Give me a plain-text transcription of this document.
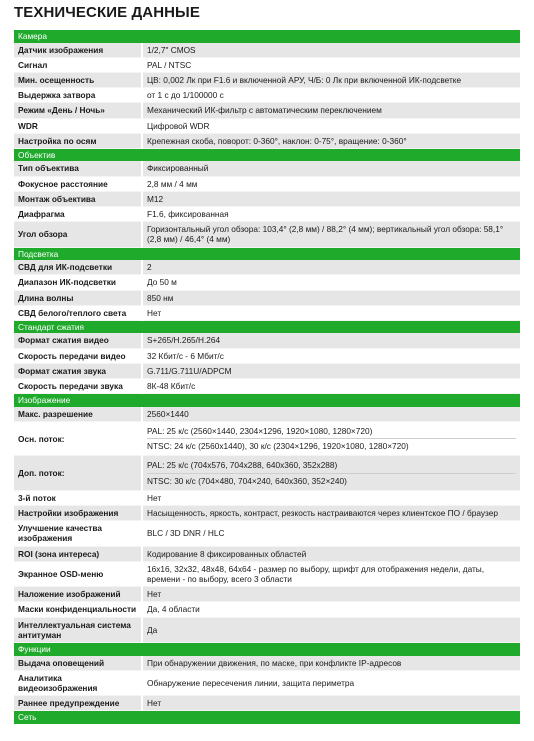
ТЕХНИЧЕСКИЕ ДАННЫЕ
Камера	
Датчик изображения	1/2,7" CMOS
Сигнал	PAL / NTSC
Мин. осещенность	ЦВ: 0,002 Лк при F1.6 и включенной АРУ, Ч/Б: 0 Лк при включенной ИК-подсветке
Выдержка затвора	от 1 с до 1/100000 с
Режим «День / Ночь»	Механический ИК-фильтр с автоматическим переключением
WDR	Цифровой WDR
Настройка по осям	Крепежная скоба, поворот: 0-360°, наклон: 0-75°, вращение: 0-360°
Объектив	
Тип объектива	Фиксированный
Фокусное расстояние	2,8 мм / 4 мм
Монтаж объектива	M12
Диафрагма	F1.6, фиксированная
Угол обзора	Горизонтальный угол обзора: 103,4° (2,8 мм) / 88,2° (4 мм); вертикальный угол обзора: 58,1° (2,8 мм) / 46,4° (4 мм)
Подсветка	
СВД для ИК-подсветки	2
Диапазон ИК-подсветки	До 50 м
Длина волны	850 нм
СВД белого/теплого света	Нет
Стандарт сжатия	
Формат сжатия видео	S+265/H.265/H.264
Скорость передачи видео	32 Кбит/с - 6 Мбит/с
Формат сжатия звука	G.711/G.711U/ADPCM
Скорость передачи звука	8К-48 Кбит/с
Изображение	
Макс. разрешение	2560×1440
Осн. поток:	PAL: 25 к/с (2560×1440, 2304×1296, 1920×1080, 1280×720)
NTSC: 24 к/с (2560x1440), 30 к/с (2304×1296, 1920×1080, 1280×720)

Доп. поток:	PAL: 25 к/с (704x576, 704x288, 640x360, 352x288)
NTSC: 30 к/с (704×480, 704×240, 640x360, 352×240)

3-й поток	Нет
Настройки изображения	Насыщенность, яркость, контраст, резкость настраиваются через клиентское ПО / браузер
Улучшение качества изображения	BLC / 3D DNR / HLC
ROI (зона интереса)	Кодирование 8 фиксированных областей
Экранное OSD-меню	16x16, 32x32, 48x48, 64x64 - размер по выбору, шрифт для отображения недели, даты, времени - по выбору, всего 3 области
Наложение изображений	Нет
Маски конфиденциальности	Да, 4 области
Интеллектуальная система антитуман	Да
Функции	
Выдача оповещений	При обнаружении движения, по маске, при конфликте IP-адресов
Аналитика видеоизображения	Обнаружение пересечения линии, защита периметра
Раннее предупреждение	Нет
Сеть	
